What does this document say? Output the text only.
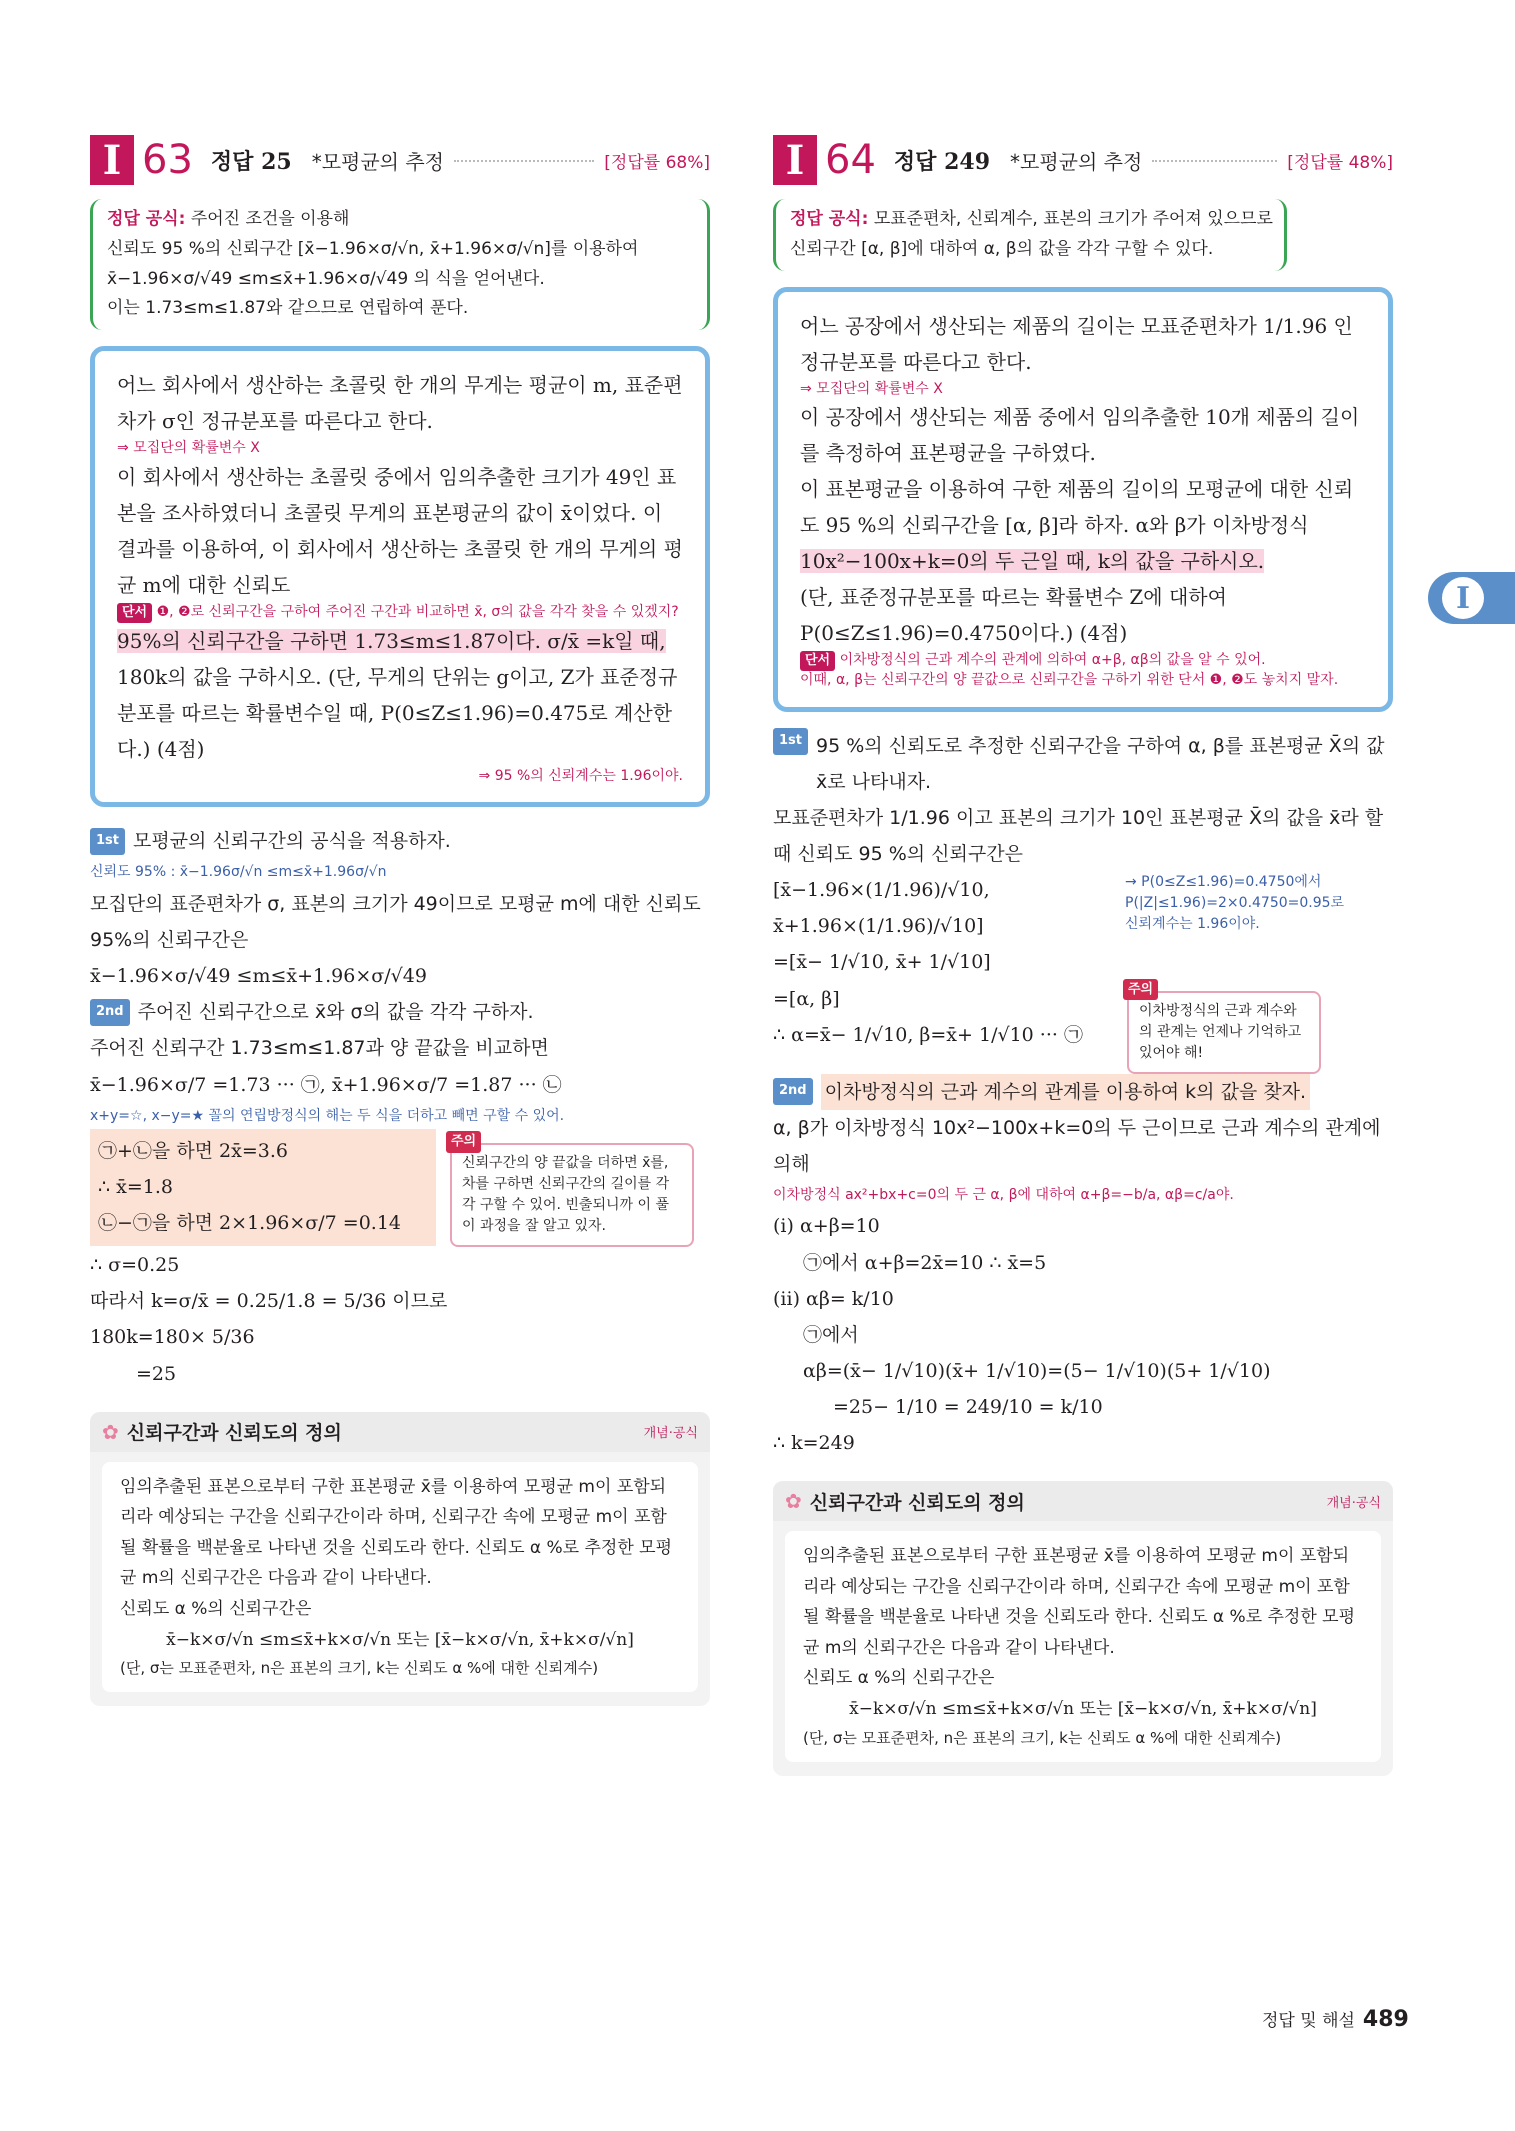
I 63 정답 25 *모평균의 추정	[정답률 68%]
정답 공식: 주어진 조건을 이용해
신뢰도 95 %의 신뢰구간 [x̄−1.96×σ/√n, x̄+1.96×σ/√n]를 이용하여
x̄−1.96×σ/√49 ≤m≤x̄+1.96×σ/√49 의 식을 얻어낸다.
이는 1.73≤m≤1.87와 같으므로 연립하여 푼다.
어느 회사에서 생산하는 초콜릿 한 개의 무게는 평균이 m, 표준편차가 σ인 정규분포를 따른다고 한다.
⇒ 모집단의 확률변수 X
이 회사에서 생산하는 초콜릿 중에서 임의추출한 크기가 49인 표본을 조사하였더니 초콜릿 무게의 표본평균의 값이 x̄이었다. 이 결과를 이용하여, 이 회사에서 생산하는 초콜릿 한 개의 무게의 평균 m에 대한 신뢰도
단서 ❶, ❷로 신뢰구간을 구하여 주어진 구간과 비교하면 x̄, σ의 값을 각각 찾을 수 있겠지?
95%의 신뢰구간을 구하면 1.73≤m≤1.87이다. σ/x̄ =k일 때,
180k의 값을 구하시오. (단, 무게의 단위는 g이고, Z가 표준정규분포를 따르는 확률변수일 때, P(0≤Z≤1.96)=0.475로 계산한다.) (4점)
⇒ 95 %의 신뢰계수는 1.96이야.
1st 모평균의 신뢰구간의 공식을 적용하자.
신뢰도 95% : x̄−1.96σ/√n ≤m≤x̄+1.96σ/√n
모집단의 표준편차가 σ, 표본의 크기가 49이므로 모평균 m에 대한 신뢰도 95%의 신뢰구간은
x̄−1.96×σ/√49 ≤m≤x̄+1.96×σ/√49
2nd 주어진 신뢰구간으로 x̄와 σ의 값을 각각 구하자.
주어진 신뢰구간 1.73≤m≤1.87과 양 끝값을 비교하면
x̄−1.96×σ/7 =1.73 ··· ㉠, x̄+1.96×σ/7 =1.87 ··· ㉡
x+y=☆, x−y=★ 꼴의 연립방정식의 해는 두 식을 더하고 빼면 구할 수 있어.
㉠+㉡을 하면 2x̄=3.6
∴ x̄=1.8
㉡−㉠을 하면 2×1.96×σ/7 =0.14
주의
신뢰구간의 양 끝값을 더하면 x̄를, 차를 구하면 신뢰구간의 길이를 각각 구할 수 있어. 빈출되니까 이 풀이 과정을 잘 알고 있자.
∴ σ=0.25
따라서 k=σ/x̄ = 0.25/1.8 = 5/36 이므로
180k=180× 5/36
=25
✿ 신뢰구간과 신뢰도의 정의	개념·공식
임의추출된 표본으로부터 구한 표본평균 x̄를 이용하여 모평균 m이 포함되리라 예상되는 구간을 신뢰구간이라 하며, 신뢰구간 속에 모평균 m이 포함될 확률을 백분율로 나타낸 것을 신뢰도라 한다. 신뢰도 α %로 추정한 모평균 m의 신뢰구간은 다음과 같이 나타낸다.
신뢰도 α %의 신뢰구간은
x̄−k×σ/√n ≤m≤x̄+k×σ/√n 또는 [x̄−k×σ/√n, x̄+k×σ/√n]
(단, σ는 모표준편차, n은 표본의 크기, k는 신뢰도 α %에 대한 신뢰계수)
I 64 정답 249 *모평균의 추정	[정답률 48%]
정답 공식: 모표준편차, 신뢰계수, 표본의 크기가 주어져 있으므로
신뢰구간 [α, β]에 대하여 α, β의 값을 각각 구할 수 있다.
어느 공장에서 생산되는 제품의 길이는 모표준편차가 1/1.96 인 정규분포를 따른다고 한다.
⇒ 모집단의 확률변수 X
이 공장에서 생산되는 제품 중에서 임의추출한 10개 제품의 길이를 측정하여 표본평균을 구하였다.
이 표본평균을 이용하여 구한 제품의 길이의 모평균에 대한 신뢰도 95 %의 신뢰구간을 [α, β]라 하자. α와 β가 이차방정식
10x²−100x+k=0의 두 근일 때, k의 값을 구하시오.
(단, 표준정규분포를 따르는 확률변수 Z에 대하여 P(0≤Z≤1.96)=0.4750이다.) (4점)
단서 이차방정식의 근과 계수의 관계에 의하여 α+β, αβ의 값을 알 수 있어.
이때, α, β는 신뢰구간의 양 끝값으로 신뢰구간을 구하기 위한 단서 ❶, ❷도 놓치지 말자.
1st 95 %의 신뢰도로 추정한 신뢰구간을 구하여 α, β를 표본평균 X̄의 값 x̄로 나타내자.
모표준편차가 1/1.96 이고 표본의 크기가 10인 표본평균 X̄의 값을 x̄라 할 때 신뢰도 95 %의 신뢰구간은
[x̄−1.96×(1/1.96)/√10, x̄+1.96×(1/1.96)/√10]
→ P(0≤Z≤1.96)=0.4750에서
P(|Z|≤1.96)=2×0.4750=0.95로
신뢰계수는 1.96이야.
=[x̄− 1/√10, x̄+ 1/√10]
=[α, β]
∴ α=x̄− 1/√10, β=x̄+ 1/√10 ··· ㉠
주의
이차방정식의 근과 계수와의 관계는 언제나 기억하고 있어야 해!
2nd 이차방정식의 근과 계수의 관계를 이용하여 k의 값을 찾자.
α, β가 이차방정식 10x²−100x+k=0의 두 근이므로 근과 계수의 관계에 의해
이차방정식 ax²+bx+c=0의 두 근 α, β에 대하여 α+β=−b/a, αβ=c/a야.
(i) α+β=10
㉠에서 α+β=2x̄=10 ∴ x̄=5
(ii) αβ= k/10
㉠에서
αβ=(x̄− 1/√10)(x̄+ 1/√10)=(5− 1/√10)(5+ 1/√10)
=25− 1/10 = 249/10 = k/10
∴ k=249
✿ 신뢰구간과 신뢰도의 정의	개념·공식
임의추출된 표본으로부터 구한 표본평균 x̄를 이용하여 모평균 m이 포함되리라 예상되는 구간을 신뢰구간이라 하며, 신뢰구간 속에 모평균 m이 포함될 확률을 백분율로 나타낸 것을 신뢰도라 한다. 신뢰도 α %로 추정한 모평균 m의 신뢰구간은 다음과 같이 나타낸다.
신뢰도 α %의 신뢰구간은
x̄−k×σ/√n ≤m≤x̄+k×σ/√n 또는 [x̄−k×σ/√n, x̄+k×σ/√n]
(단, σ는 모표준편차, n은 표본의 크기, k는 신뢰도 α %에 대한 신뢰계수)
I
정답 및 해설 489
